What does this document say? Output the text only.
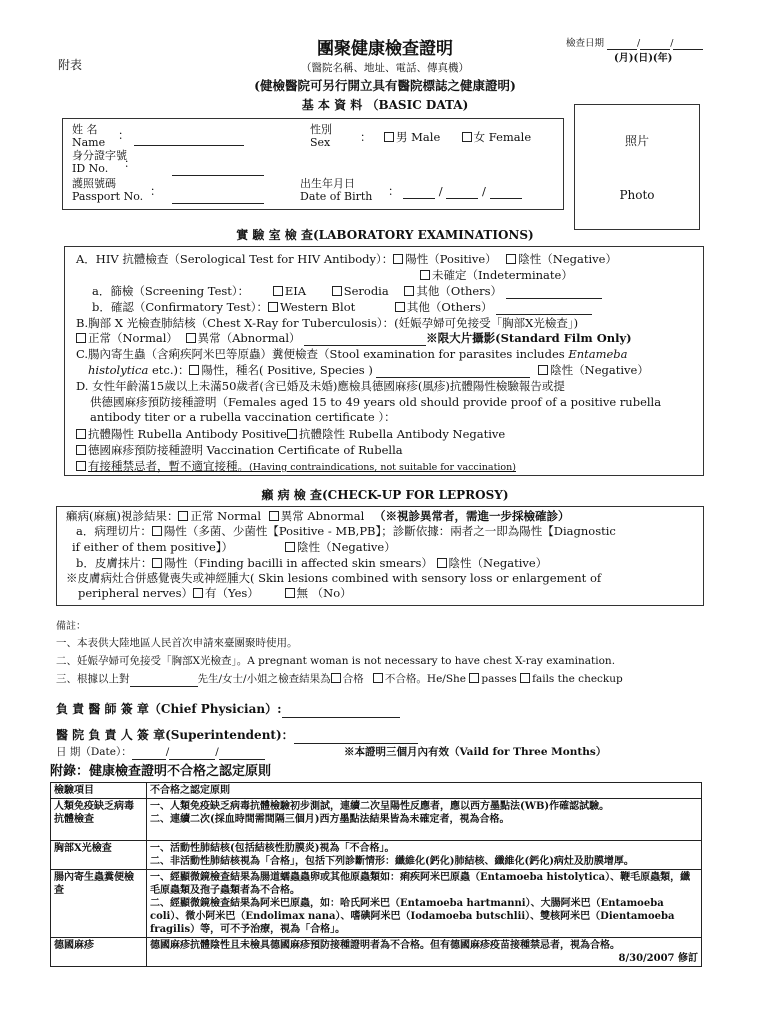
團聚健康檢查證明
附表	（醫院名稱、地址、電話、傳真機）
(健檢醫院可另行開立具有醫院標誌之健康證明)
檢查日期	/	/
(月)(日)(年)
基 本 資 料 （BASIC DATA)
姓 名
Name
：
身分證字號
ID No.	：
護照號碼
Passport No. ：
性別
Sex	：	男 Male	女 Female
出生年月日
Date of Birth ：	/	/
照片
Photo
實 驗 室 檢 查(LABORATORY EXAMINATIONS)
A．HIV 抗體檢查（Serological Test for HIV Antibody）： 陽性（Positive） 陰性（Negative）
未確定（Indeterminate）
a．篩檢（Screening Test）：	EIA	Serodia 其他（Others）
b．確認（Confirmatory Test）： Western Blot	其他（Others）
B.胸部 X 光檢查肺結核（Chest X-Ray for Tuberculosis）：(妊娠孕婦可免接受「胸部X光檢查」)
正常（Normal） 異常（Abnormal）	※限大片攝影(Standard Film Only)
C.腸內寄生蟲（含痢疾阿米巴等原蟲）糞便檢查（Stool examination for parasites includes Entameba
histolytica etc.)： 陽性，種名( Positive, Species )	陰性（Negative）
D. 女性年齡滿15歲以上未滿50歲者(含已婚及未婚)應檢具德國麻疹(風疹)抗體陽性檢驗報告或提
供德國麻疹預防接種證明（Females aged 15 to 49 years old should provide proof of a positive rubella
antibody titer or a rubella vaccination certificate ）：
抗體陽性 Rubella Antibody Positive 抗體陰性 Rubella Antibody Negative
德國麻疹預防接種證明 Vaccination Certificate of Rubella
有接種禁忌者，暫不適宜接種。(Having contraindications, not suitable for vaccination)
癩 病 檢 查(CHECK-UP FOR LEPROSY)
癩病(麻瘋)視診結果： 正常 Normal 異常 Abnormal （※視診異常者，需進一步採檢確診）
a．病理切片： 陽性（多菌、少菌性【Positive - MB,PB】；診斷依據：兩者之一即為陽性【Diagnostic
if either of them positive】）	陰性（Negative）
b．皮膚抹片： 陽性（Finding bacilli in affected skin smears） 陰性（Negative）
※皮膚病灶合併感覺喪失或神經腫大( Skin lesions combined with sensory loss or enlargement of
peripheral nerves） 有（Yes）	無 （No）
備註：
一、本表供大陸地區人民首次申請來臺團聚時使用。
二、妊娠孕婦可免接受「胸部X光檢查」。A pregnant woman is not necessary to have chest X-ray examination.
三、根據以上對	先生/女士/小姐之檢查結果為 合格 不合格。He/She passes fails the checkup
負 責 醫 師 簽 章（Chief Physician）:
醫 院 負 責 人 簽 章(Superintendent)：
日 期（Date）：	/	/	※本證明三個月內有效（Vaild for Three Months）
附錄：健康檢查證明不合格之認定原則
檢驗項目	不合格之認定原則
人類免疫缺乏病毒抗體檢查	一、人類免疫缺乏病毒抗體檢驗初步測試，連續二次呈陽性反應者，應以西方墨點法(WB)作確認試驗。
二、連續二次(採血時間需間隔三個月)西方墨點法結果皆為未確定者，視為合格。

胸部X光檢查	一、活動性肺結核(包括結核性肋膜炎)視為「不合格」。
二、非活動性肺結核視為「合格」，包括下列診斷情形：纖維化(鈣化)肺結核、纖維化(鈣化)病灶及肋膜增厚。

腸內寄生蟲糞便檢查	一、經顯微鏡檢查結果為腸道蠕蟲蟲卵或其他原蟲類如：痢疾阿米巴原蟲（Entamoeba histolytica）、鞭毛原蟲類，纖毛原蟲類及孢子蟲類者為不合格。
二、經顯微鏡檢查結果為阿米巴原蟲，如：哈氏阿米巴（Entamoeba hartmanni）、大腸阿米巴（Entamoeba coli）、微小阿米巴（Endolimax nana）、嗜碘阿米巴（Iodamoeba butschlii）、雙核阿米巴（Dientamoeba fragilis）等，可不予治療，視為「合格」。

德國麻疹	德國麻疹抗體陰性且未檢具德國麻疹預防接種證明者為不合格。但有德國麻疹疫苗接種禁忌者，視為合格。
8/30/2007 修訂
